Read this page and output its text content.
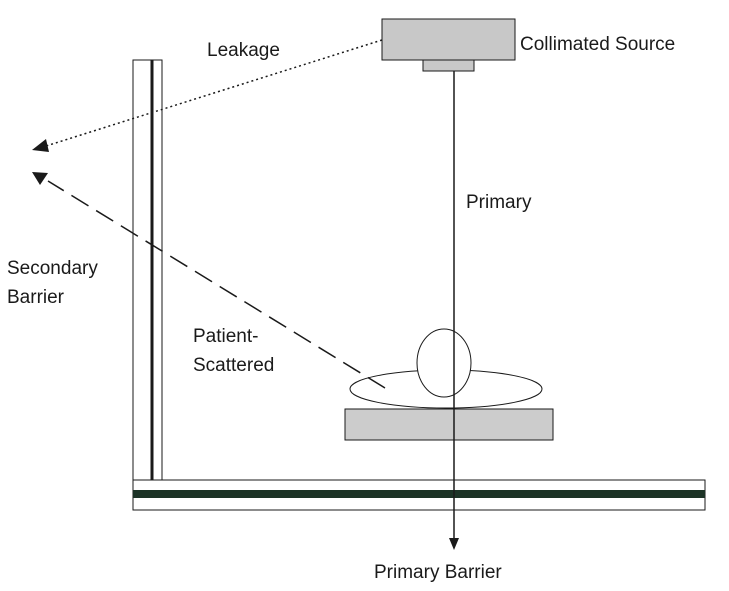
Leakage	Collimated Source
Primary
Secondary
Barrier
Patient-
Scattered
Primary Barrier
